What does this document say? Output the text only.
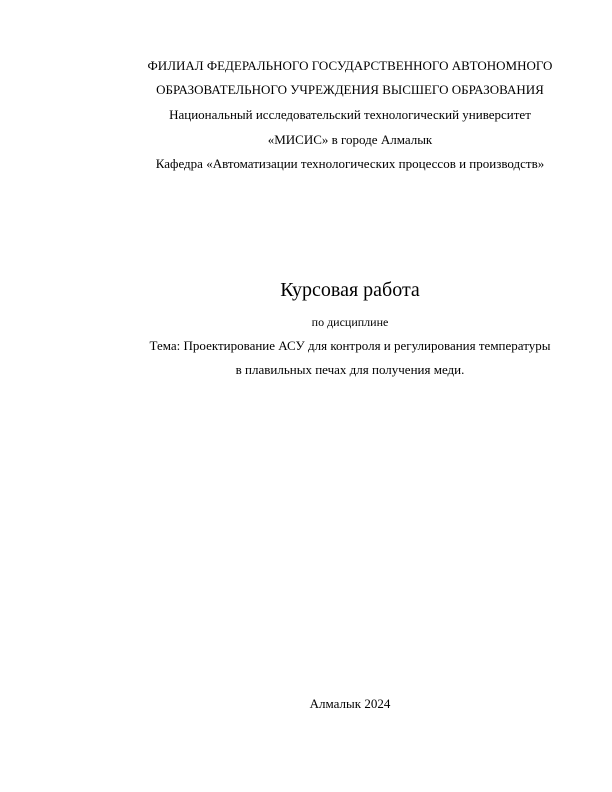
ФИЛИАЛ ФЕДЕРАЛЬНОГО ГОСУДАРСТВЕННОГО АВТОНОМНОГО
ОБРАЗОВАТЕЛЬНОГО УЧРЕЖДЕНИЯ ВЫСШЕГО ОБРАЗОВАНИЯ
Национальный исследовательский технологический университет
«МИСИС» в городе Алмалык
Кафедра «Автоматизации технологических процессов и производств»
Курсовая работа
по дисциплине
Тема: Проектирование АСУ для контроля и регулирования температуры
в плавильных печах для получения меди.
Алмалык 2024
